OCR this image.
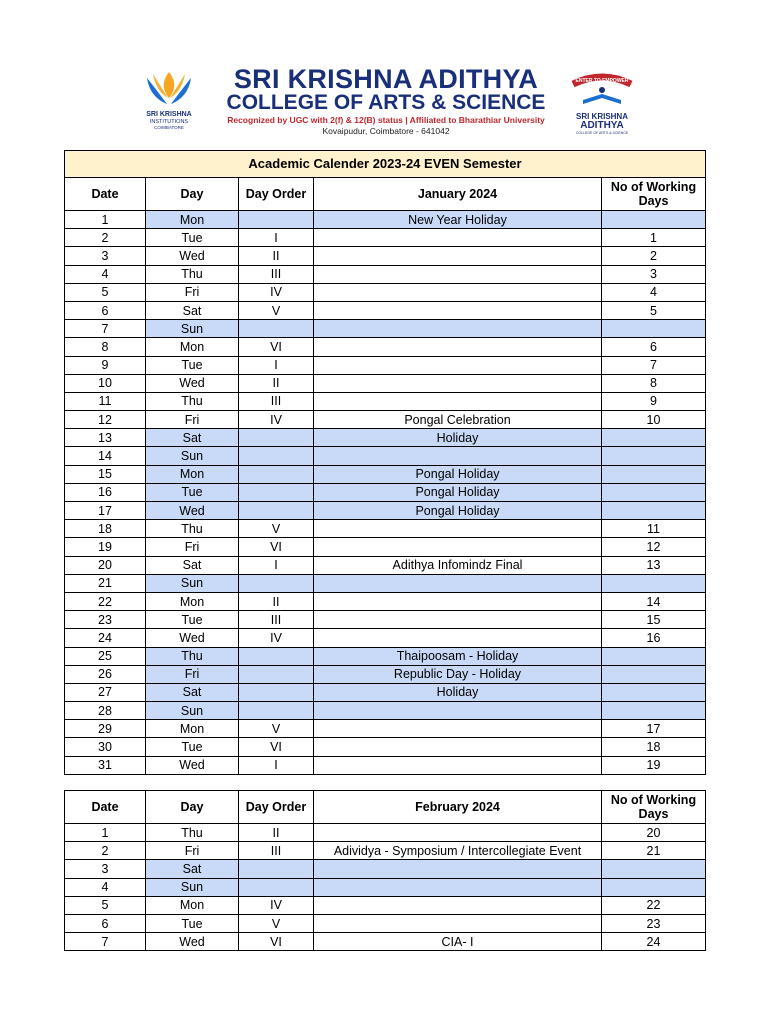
SRI KRISHNA
INSTITUTIONS
COIMBATORE
SRI KRISHNA ADITHYA
COLLEGE OF ARTS & SCIENCE
Recognized by UGC with 2(f) & 12(B) status | Affiliated to Bharathiar University
Kovaipudur, Coimbatore - 641042
ENTER TO EMPOWER
SRI KRISHNA
ADITHYA
COLLEGE OF ARTS & SCIENCE
Academic Calender 2023-24 EVEN Semester				
Date	Day	Day Order	January 2024	No of Working Days
1	Mon		New Year Holiday	
2	Tue	I		1
3	Wed	II		2
4	Thu	III		3
5	Fri	IV		4
6	Sat	V		5
7	Sun			
8	Mon	VI		6
9	Tue	I		7
10	Wed	II		8
11	Thu	III		9
12	Fri	IV	Pongal Celebration	10
13	Sat		Holiday	
14	Sun			
15	Mon		Pongal Holiday	
16	Tue		Pongal Holiday	
17	Wed		Pongal Holiday	
18	Thu	V		11
19	Fri	VI		12
20	Sat	I	Adithya Infomindz Final	13
21	Sun			
22	Mon	II		14
23	Tue	III		15
24	Wed	IV		16
25	Thu		Thaipoosam - Holiday	
26	Fri		Republic Day - Holiday	
27	Sat		Holiday	
28	Sun			
29	Mon	V		17
30	Tue	VI		18
31	Wed	I		19
Date	Day	Day Order	February 2024	No of Working Days
1	Thu	II		20
2	Fri	III	Adividya - Symposium / Intercollegiate Event	21
3	Sat			
4	Sun			
5	Mon	IV		22
6	Tue	V		23
7	Wed	VI	CIA- I	24
